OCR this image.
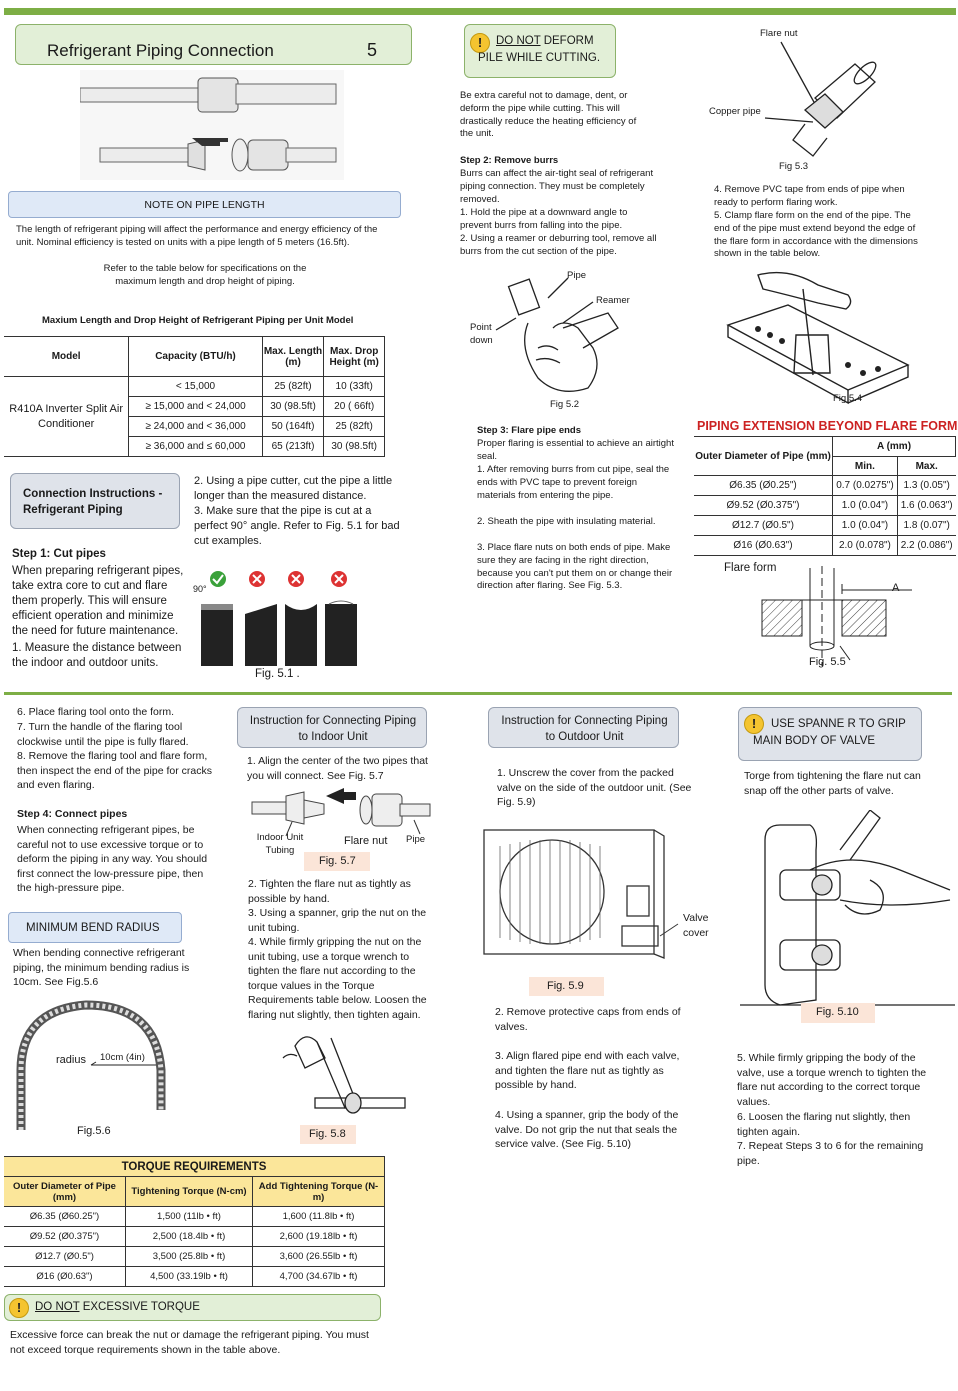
Refrigerant Piping Connection	5
NOTE ON PIPE LENGTH

The length of refrigerant piping will affect the performance and energy efficiency of the unit. Nominal efficiency is tested on units with a pipe length of 5 meters (16.5ft).

Refer to the table below for specifications on the maximum length and drop height of piping.

Maxium Length and Drop Height of Refrigerant Piping per Unit Model

Model	Capacity (BTU/h)	Max. Length (m)	Max. Drop Height (m)
R410A Inverter Split Air Conditioner	< 15,000	25 (82ft)	10 (33ft)
	≥ 15,000 and < 24,000	30 (98.5ft)	20 ( 66ft)
	≥ 24,000 and < 36,000	50 (164ft)	25 (82ft)
	≥ 36,000 and ≤ 60,000	65 (213ft)	30 (98.5ft)

Connection Instructions - Refrigerant Piping

2. Using a pipe cutter, cut the pipe a little longer than the measured distance.

3. Make sure that the pipe is cut at a perfect 90° angle. Refer to Fig. 5.1 for bad cut examples.

Step 1: Cut pipes

When preparing refrigerant pipes, take extra core to cut and flare them properly. This will ensure efficient operation and minimize the need for future maintenance.

1. Measure the distance between the indoor and outdoor units.

90°
Fig. 5.1 .
!	DO NOT DEFORM
PILE WHILE CUTTING.

Be extra careful not to damage, dent, or deform the pipe while cutting. This will drastically reduce the heating efficiency of the unit.

Step 2: Remove burrs

Burrs can affect the air-tight seal of refrigerant piping connection. They must be completely removed.

1. Hold the pipe at a downward angle to prevent burrs from falling into the pipe.

2. Using a reamer or deburring tool, remove all burrs from the cut section of the pipe.

Pipe
Reamer
Point
down
Fig 5.2

Step 3: Flare pipe ends

Proper flaring is essential to achieve an airtight seal.

1. After removing burrs from cut pipe, seal the ends with PVC tape to prevent foreign materials from entering the pipe.

2. Sheath the pipe with insulating material.

3. Place flare nuts on both ends of pipe. Make sure they are facing in the right direction, because you can't put them on or change their direction after flaring. See Fig. 5.3.

Flare nut
Copper pipe
Fig 5.3

4. Remove PVC tape from ends of pipe when ready to perform flaring work.

5. Clamp flare form on the end of the pipe. The end of the pipe must extend beyond the edge of the flare form in accordance with the dimensions shown in the table below.

Fig 5.4

PIPING EXTENSION BEYOND FLARE FORM

Outer Diameter of Pipe (mm)	A (mm)	
	Min.	Max.
Ø6.35 (Ø0.25")	0.7 (0.0275")	1.3 (0.05")
Ø9.52 (Ø0.375")	1.0 (0.04")	1.6 (0.063")
Ø12.7 (Ø0.5")	1.0 (0.04")	1.8 (0.07")
Ø16 (Ø0.63")	2.0 (0.078")	2.2 (0.086")
Flare form
A
Fig. 5.5

6. Place flaring tool onto the form.

7. Turn the handle of the flaring tool clockwise until the pipe is fully flared.

8. Remove the flaring tool and flare form, then inspect the end of the pipe for cracks and even flaring.

Step 4: Connect pipes

When connecting refrigerant pipes, be careful not to use excessive torque or to deform the piping in any way. You should first connect the low-pressure pipe, then the high-pressure pipe.

MINIMUM BEND RADIUS

When bending connective refrigerant piping, the minimum bending radius is 10cm. See Fig.5.6

radius 10cm (4in)
Fig.5.6
TORQUE REQUIREMENTS		
Outer Diameter of Pipe (mm)	Tightening Torque (N-cm)	Add Tightening Torque (N-m)
Ø6.35 (Ø60.25")	1,500 (11lb • ft)	1,600 (11.8lb • ft)
Ø9.52 (Ø0.375")	2,500 (18.4lb • ft)	2,600 (19.18lb • ft)
Ø12.7 (Ø0.5")	3,500 (25.8lb • ft)	3,600 (26.55lb • ft)
Ø16 (Ø0.63")	4,500 (33.19lb • ft)	4,700 (34.67lb • ft)
!	DO NOT EXCESSIVE TORQUE

Excessive force can break the nut or damage the refrigerant piping. You must not exceed torque requirements shown in the table above.

Instruction for Connecting Piping to Indoor Unit

1. Align the center of the two pipes that you will connect. See Fig. 5.7

Indoor Unit Tubing
Flare nut Pipe
Fig. 5.7

2. Tighten the flare nut as tightly as possible by hand.

3. Using a spanner, grip the nut on the unit tubing.

4. While firmly gripping the nut on the unit tubing, use a torque wrench to tighten the flare nut according to the torque values in the Torque Requirements table below. Loosen the flaring nut slightly, then tighten again.

Fig. 5.8

Instruction for Connecting Piping to Outdoor Unit

1. Unscrew the cover from the packed valve on the side of the outdoor unit. (See Fig. 5.9)

Valve cover

Fig. 5.9

2. Remove protective caps from ends of valves.

3. Align flared pipe end with each valve, and tighten the flare nut as tightly as possible by hand.

4. Using a spanner, grip the body of the valve. Do not grip the nut that seals the service valve. (See Fig. 5.10)

!	USE SPANNE R TO GRIP
MAIN BODY OF VALVE

Torge from tightening the flare nut can snap off the other parts of valve.

Fig. 5.10

5. While firmly gripping the body of the valve, use a torque wrench to tighten the flare nut according to the correct torque values.

6. Loosen the flaring nut slightly, then tighten again.

7. Repeat Steps 3 to 6 for the remaining pipe.
